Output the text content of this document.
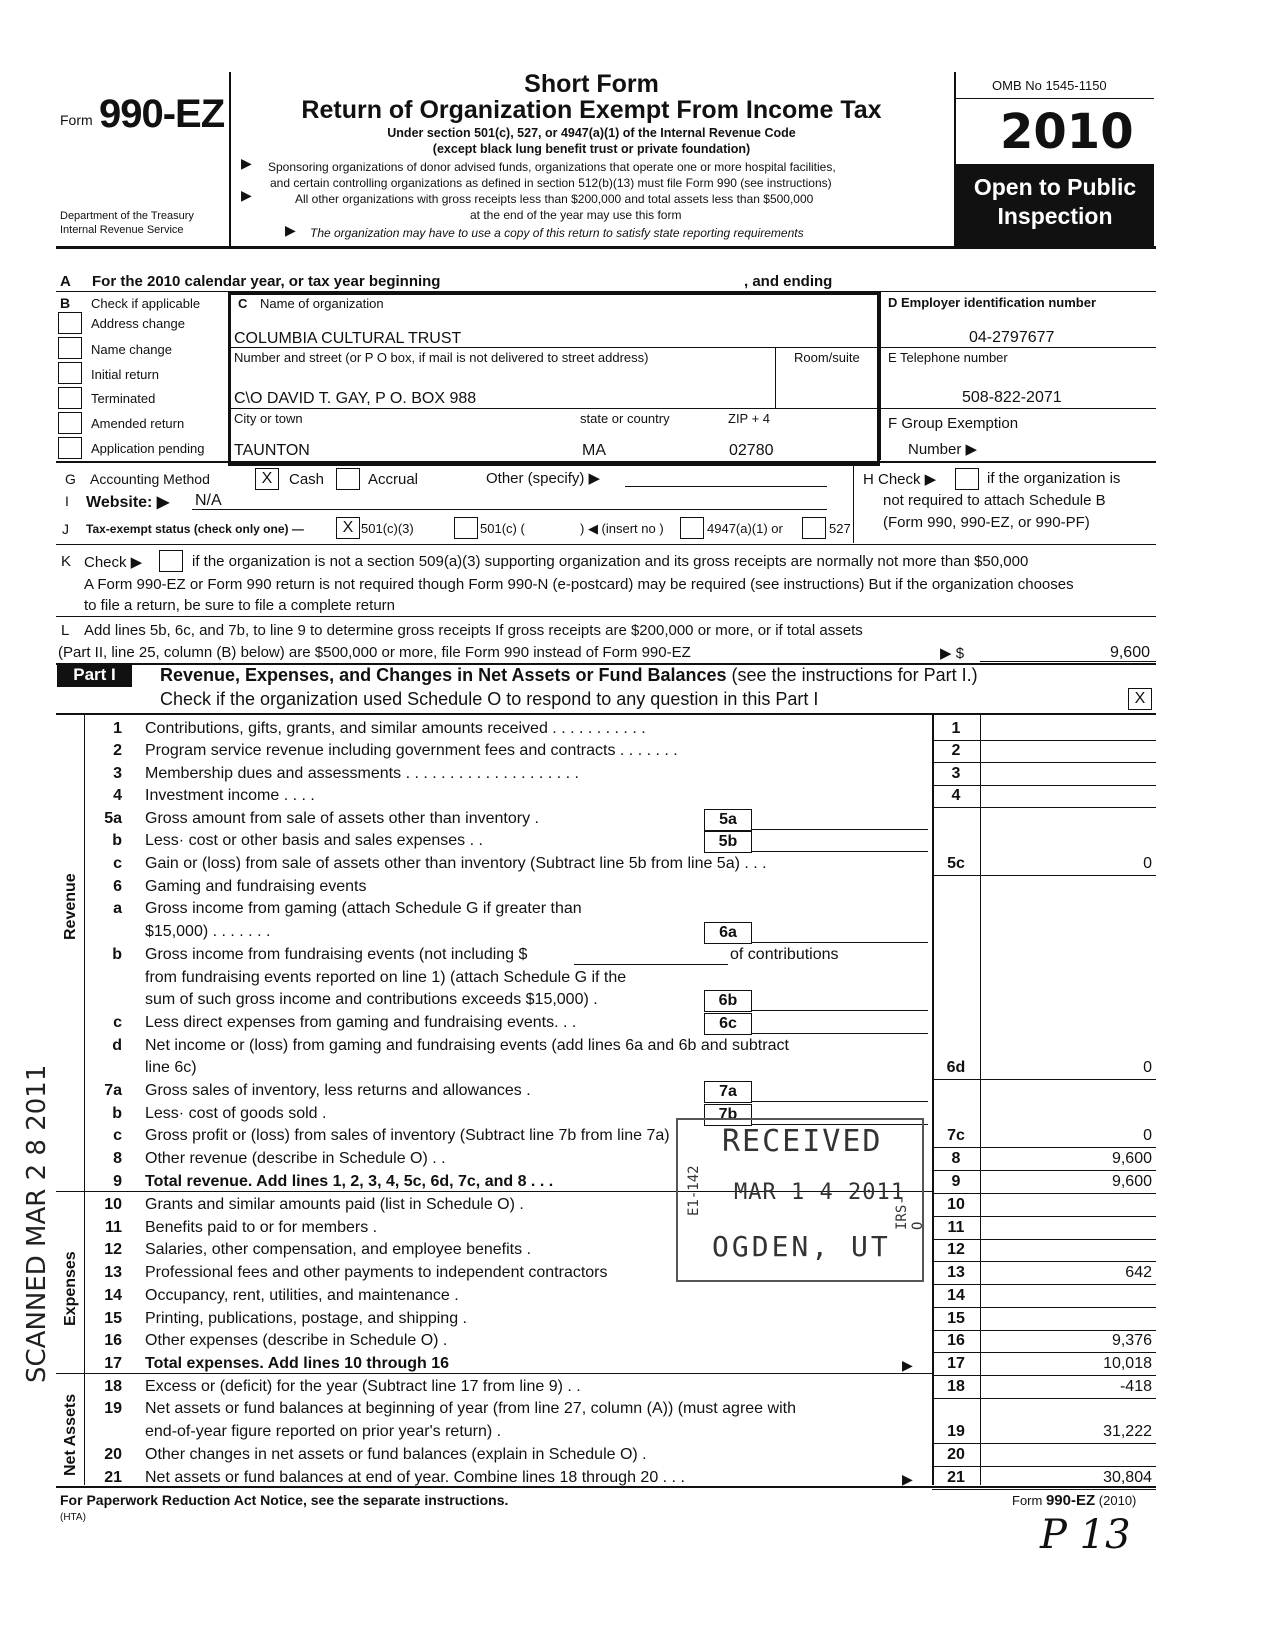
Form 990-EZ
Department of the Treasury
Internal Revenue Service
Short Form
Return of Organization Exempt From Income Tax
Under section 501(c), 527, or 4947(a)(1) of the Internal Revenue Code
(except black lung benefit trust or private foundation)
▶ Sponsoring organizations of donor advised funds, organizations that operate one or more hospital facilities,
and certain controlling organizations as defined in section 512(b)(13) must file Form 990 (see instructions)
▶	All other organizations with gross receipts less than $200,000 and total assets less than $500,000
at the end of the year may use this form
▶ The organization may have to use a copy of this return to satisfy state reporting requirements
OMB No 1545-1150
2010
Open to Public
Inspection
A For the 2010 calendar year, or tax year beginning	, and ending
B Check if applicable
Address change
Name change
Initial return
Terminated
Amended return
Application pending
C Name of organization
COLUMBIA CULTURAL TRUST
Number and street (or P O box, if mail is not delivered to street address)	Room/suite
C\O DAVID T. GAY, P O. BOX 988
City or town	state or country	ZIP + 4
TAUNTON	MA	02780
D Employer identification number
04-2797677
E Telephone number
508-822-2071
F Group Exemption
Number ▶
G Accounting Method	X	Cash	Accrual	Other (specify) ▶
I Website: ▶ N/A
J Tax-exempt status (check only one) —	X 501(c)(3)	501(c) (	) ◀ (insert no )	4947(a)(1) or	527
H Check ▶	if the organization is
not required to attach Schedule B
(Form 990, 990-EZ, or 990-PF)
K Check ▶	if the organization is not a section 509(a)(3) supporting organization and its gross receipts are normally not more than $50,000
A Form 990-EZ or Form 990 return is not required though Form 990-N (e-postcard) may be required (see instructions) But if the organization chooses
to file a return, be sure to file a complete return
L Add lines 5b, 6c, and 7b, to line 9 to determine gross receipts If gross receipts are $200,000 or more, or if total assets
(Part II, line 25, column (B) below) are $500,000 or more, file Form 990 instead of Form 990-EZ	▶ $	9,600
Part I	Revenue, Expenses, and Changes in Net Assets or Fund Balances (see the instructions for Part I.)
Check if the organization used Schedule O to respond to any question in this Part I	X
Revenue
Expenses
Net Assets
1 Contributions, gifts, grants, and similar amounts received . . . . . . . . . . .	1
2 Program service revenue including government fees and contracts . . . . . . .	2
3 Membership dues and assessments . . . . . . . . . . . . . . . . . . . .	3
4 Investment income . . . .	4
5a Gross amount from sale of assets other than inventory .	5a
b Less· cost or other basis and sales expenses . .	5b
c Gain or (loss) from sale of assets other than inventory (Subtract line 5b from line 5a) . . .	5c	0
6 Gaming and fundraising events
a Gross income from gaming (attach Schedule G if greater than
$15,000) . . . . . . .	6a
b Gross income from fundraising events (not including $	of contributions
from fundraising events reported on line 1) (attach Schedule G if the
sum of such gross income and contributions exceeds $15,000) .	6b
c Less direct expenses from gaming and fundraising events. . .	6c
d Net income or (loss) from gaming and fundraising events (add lines 6a and 6b and subtract
line 6c)	6d	0
7a Gross sales of inventory, less returns and allowances .	7a
b Less· cost of goods sold .	7b
c Gross profit or (loss) from sales of inventory (Subtract line 7b from line 7a)	7c	0
8 Other revenue (describe in Schedule O) . .	8	9,600
9 Total revenue. Add lines 1, 2, 3, 4, 5c, 6d, 7c, and 8 . . .	9	9,600
10 Grants and similar amounts paid (list in Schedule O) .	10
11 Benefits paid to or for members .	11
12 Salaries, other compensation, and employee benefits .	12
13 Professional fees and other payments to independent contractors	13	642
14 Occupancy, rent, utilities, and maintenance .	14
15 Printing, publications, postage, and shipping .	15
16 Other expenses (describe in Schedule O) .	16	9,376
17 Total expenses. Add lines 10 through 16	▶	17	10,018
18 Excess or (deficit) for the year (Subtract line 17 from line 9) . .	18	-418
19 Net assets or fund balances at beginning of year (from line 27, column (A)) (must agree with
end-of-year figure reported on prior year's return) .	19	31,222
20 Other changes in net assets or fund balances (explain in Schedule O) .	20
21 Net assets or fund balances at end of year. Combine lines 18 through 20 . . .	▶	21	30,804
For Paperwork Reduction Act Notice, see the separate instructions.
(HTA)
Form 990-EZ (2010)
RECEIVED
MAR 1 4 2011
OGDEN, UT
E1-142	IRS-O
SCANNED MAR 2 8 2011
P 13
